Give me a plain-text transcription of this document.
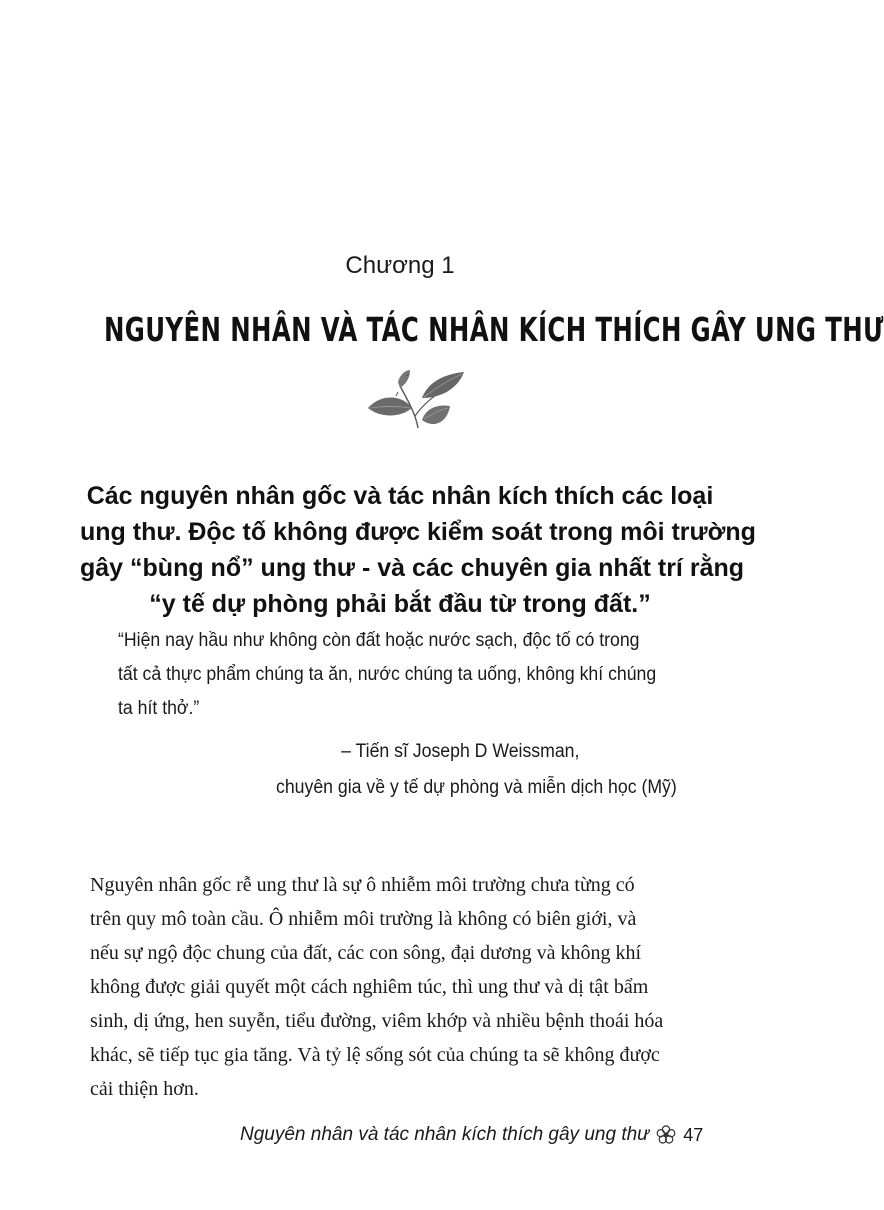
Chương 1
NGUYÊN NHÂN VÀ TÁC NHÂN KÍCH THÍCH GÂY UNG THƯ
Các nguyên nhân gốc và tác nhân kích thích các loại
ung thư. Độc tố không được kiểm soát trong môi trường
gây “bùng nổ” ung thư - và các chuyên gia nhất trí rằng
“y tế dự phòng phải bắt đầu từ trong đất.”
“Hiện nay hầu như không còn đất hoặc nước sạch, độc tố có trong
tất cả thực phẩm chúng ta ăn, nước chúng ta uống, không khí chúng
ta hít thở.”
– Tiến sĩ Joseph D Weissman,
chuyên gia về y tế dự phòng và miễn dịch học (Mỹ)
Nguyên nhân gốc rễ ung thư là sự ô nhiễm môi trường chưa từng có
trên quy mô toàn cầu. Ô nhiễm môi trường là không có biên giới, và
nếu sự ngộ độc chung của đất, các con sông, đại dương và không khí
không được giải quyết một cách nghiêm túc, thì ung thư và dị tật bẩm
sinh, dị ứng, hen suyễn, tiểu đường, viêm khớp và nhiều bệnh thoái hóa
khác, sẽ tiếp tục gia tăng. Và tỷ lệ sống sót của chúng ta sẽ không được
cải thiện hơn.
Nguyên nhân và tác nhân kích thích gây ung thư 47
